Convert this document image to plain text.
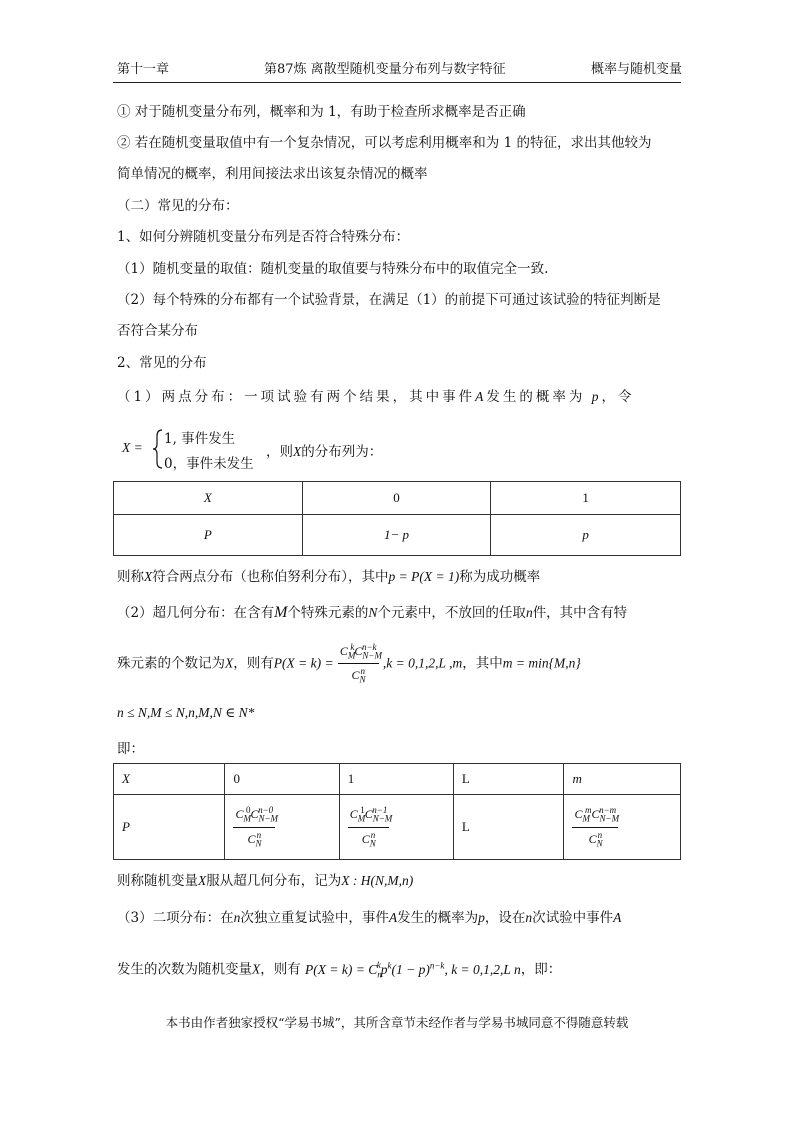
第十一章	第87炼 离散型随机变量分布列与数字特征	概率与随机变量
① 对于随机变量分布列，概率和为 1，有助于检查所求概率是否正确
② 若在随机变量取值中有一个复杂情况，可以考虑利用概率和为 1 的特征，求出其他较为
简单情况的概率，利用间接法求出该复杂情况的概率
（二）常见的分布：
1、如何分辨随机变量分布列是否符合特殊分布：
（1）随机变量的取值：随机变量的取值要与特殊分布中的取值完全一致.
（2）每个特殊的分布都有一个试验背景，在满足（1）的前提下可通过该试验的特征判断是
否符合某分布
2、常见的分布
（1）两点分布：一项试验有两个结果，其中事件A发生的概率为 p，令
X =
1, 事件发生
0，事件未发生
，则X的分布列为：
X	0	1
P	1− p	p
则称X符合两点分布（也称伯努利分布），其中p = P(X = 1)称为成功概率
（2）超几何分布：在含有M个特殊元素的N个元素中，不放回的任取n件，其中含有特
殊元素的个数记为X，则有$P(X = k) = \frac{C_M^kC_{N-M}^{n-k}}{C_N^n} ,k = 0,1,2,L$ ,m，其中m = min{M,n}
n ≤ N,M ≤ N,n,M,N ∈ N*
即：
X	0	1	L	m
P	$\frac{C_M^0C_{N-M}^{n-0}}{C_N^n}$	$\frac{C_M^1C_{N-M}^{n-1}}{C_N^n}$	L	$\frac{C_M^mC_{N-M}^{n-m}}{C_N^n}$
则称随机变量X服从超几何分布，记为X : H(N,M,n)
（3）二项分布：在n次独立重复试验中，事件A发生的概率为p，设在n次试验中事件A
发生的次数为随机变量X，则有 $P(X = k) = C_n^kp^k(1 - p)^{n-k}$, k = 0,1,2,L n，即：
本书由作者独家授权“学易书城”，其所含章节未经作者与学易书城同意不得随意转载
